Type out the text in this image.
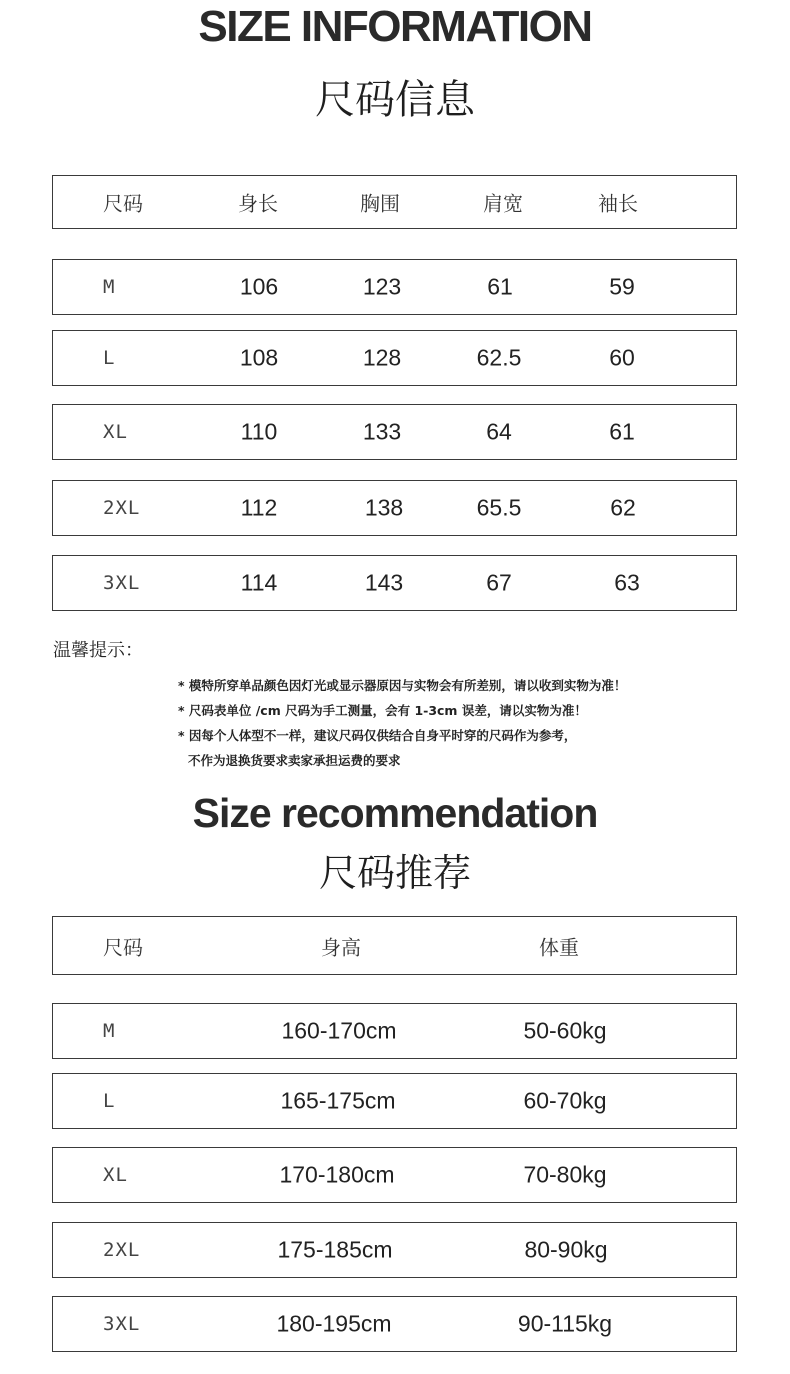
SIZE INFORMATION
尺码信息
尺码	身长	胸围	肩宽	袖长
M	106	123	61	59
L	108	128	62.5	60
XL	110	133	64	61
2XL	112	138	65.5	62
3XL	114	143	67	63
温馨提示：
* 模特所穿单品颜色因灯光或显示器原因与实物会有所差别，请以收到实物为准！
* 尺码表单位 /cm 尺码为手工测量，会有 1-3cm 误差，请以实物为准！
* 因每个人体型不一样，建议尺码仅供结合自身平时穿的尺码作为参考，
不作为退换货要求卖家承担运费的要求
Size recommendation
尺码推荐
尺码	身高	体重
M	160-170cm	50-60kg
L	165-175cm	60-70kg
XL	170-180cm	70-80kg
2XL	175-185cm	80-90kg
3XL	180-195cm	90-115kg
